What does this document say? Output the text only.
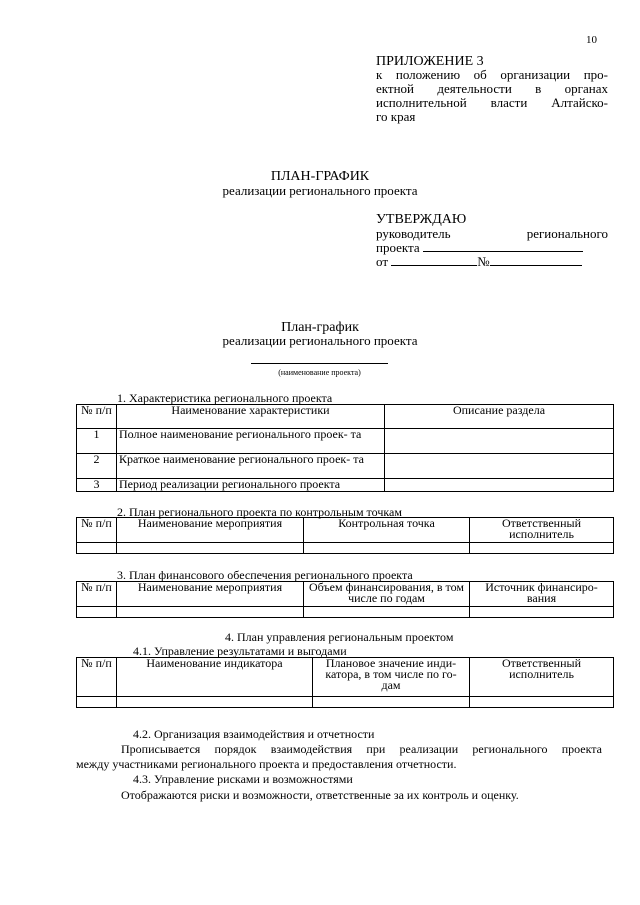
10
ПРИЛОЖЕНИЕ 3
к положению об организации про-
ектной деятельности в органах
исполнительной власти Алтайско-
го края
ПЛАН-ГРАФИК
реализации регионального проекта
УТВЕРЖДАЮ
руководитель	регионального
проекта
от	№
План-график
реализации регионального проекта
(наименование проекта)
1. Характеристика регионального проекта
№ п/п	Наименование характеристики	Описание раздела
1	Полное наименование регионального проек- та	
2	Краткое наименование регионального проек- та	
3	Период реализации регионального проекта	
2. План регионального проекта по контрольным точкам
№ п/п	Наименование мероприятия	Контрольная точка	Ответственный исполнитель

3. План финансового обеспечения регионального проекта
№ п/п	Наименование мероприятия	Объем финансирования, в том числе по годам	Источник финансиро- вания

4. План управления региональным проектом
4.1. Управление результатами и выгодами
№ п/п	Наименование индикатора	Плановое значение инди- катора, в том числе по го- дам	Ответственный исполнитель

4.2. Организация взаимодействия и отчетности
Прописывается порядок взаимодействия при реализации регионального проекта
между участниками регионального проекта и предоставления отчетности.
4.3. Управление рисками и возможностями
Отображаются риски и возможности, ответственные за их контроль и оценку.
